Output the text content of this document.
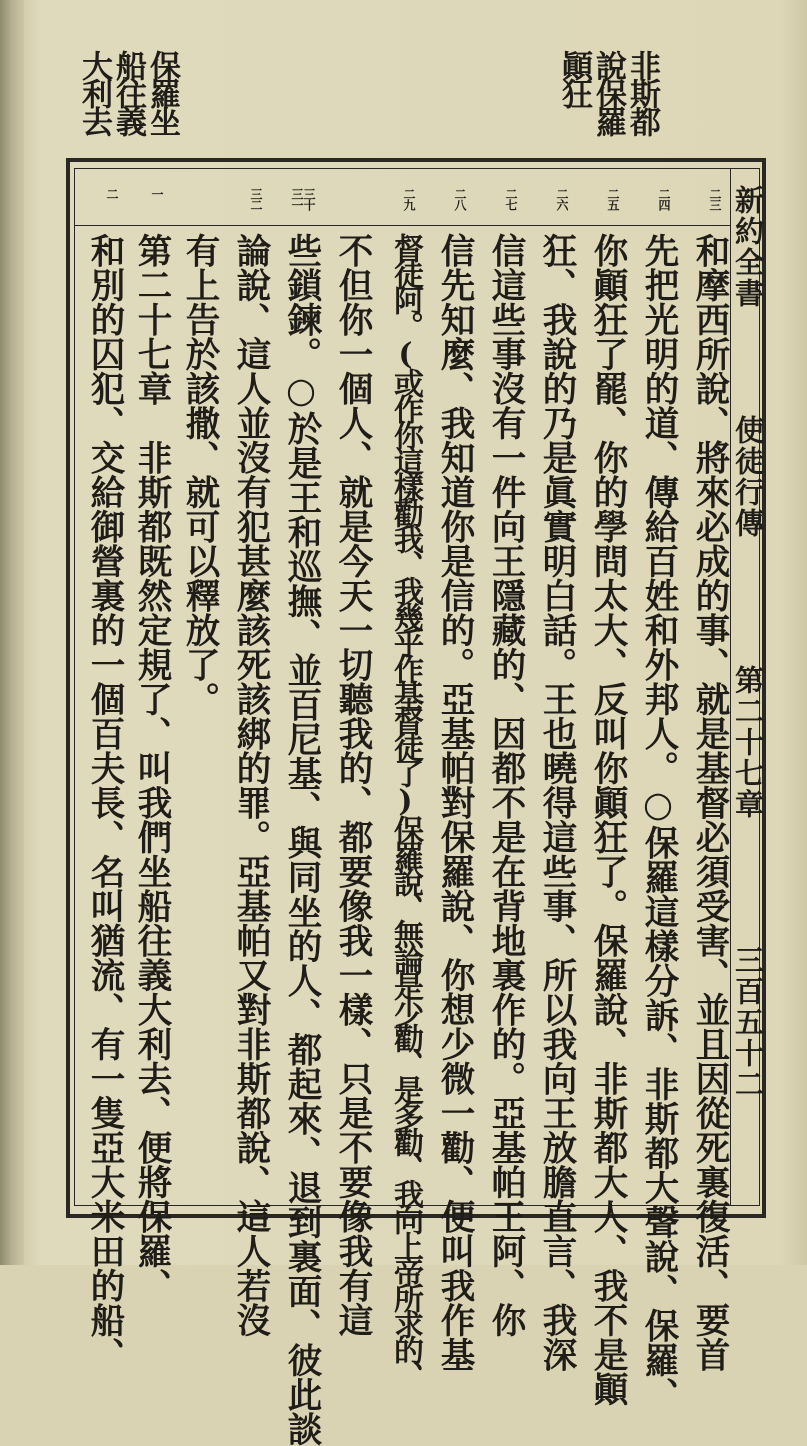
非斯都
說保羅
顚狂
保羅坐
船往義
大利去
新約全書
使徒行傳
第二十七章
三百五十二
二三
二四
二五
二六
二七
二八
二九
三十
三一
三二
一
二
和摩西所說、將來必成的事、就是基督必須受害、並且因從死裏復活、要首
先把光明的道、傳給百姓和外邦人。○保羅這樣分訴、非斯都大聲說、保羅、
你顚狂了罷、你的學問太大、反叫你顚狂了。保羅說、非斯都大人、我不是顚
狂、我說的乃是眞實明白話。王也曉得這些事、所以我向王放膽直言、我深
信這些事沒有一件向王隱藏的、因都不是在背地裏作的。亞基帕王阿、你
信先知麼、我知道你是信的。亞基帕對保羅說、你想少微一勸、便叫我作基
督徒阿。(或作你這樣勸我、我幾乎作基督徒了)保羅說、無論是少勸、是多勸、我向上帝所求的、
不但你一個人、就是今天一切聽我的、都要像我一樣、只是不要像我有這
些鎖鍊。○於是王和巡撫、並百尼基、與同坐的人、都起來、退到裏面、彼此談
論說、這人並沒有犯甚麼該死該綁的罪。亞基帕又對非斯都說、這人若沒
有上告於該撒、就可以釋放了。
第二十七章　非斯都既然定規了、叫我們坐船往義大利去、便將保羅、
和別的囚犯、交給御營裏的一個百夫長、名叫猶流、有一隻亞大米田的船、
